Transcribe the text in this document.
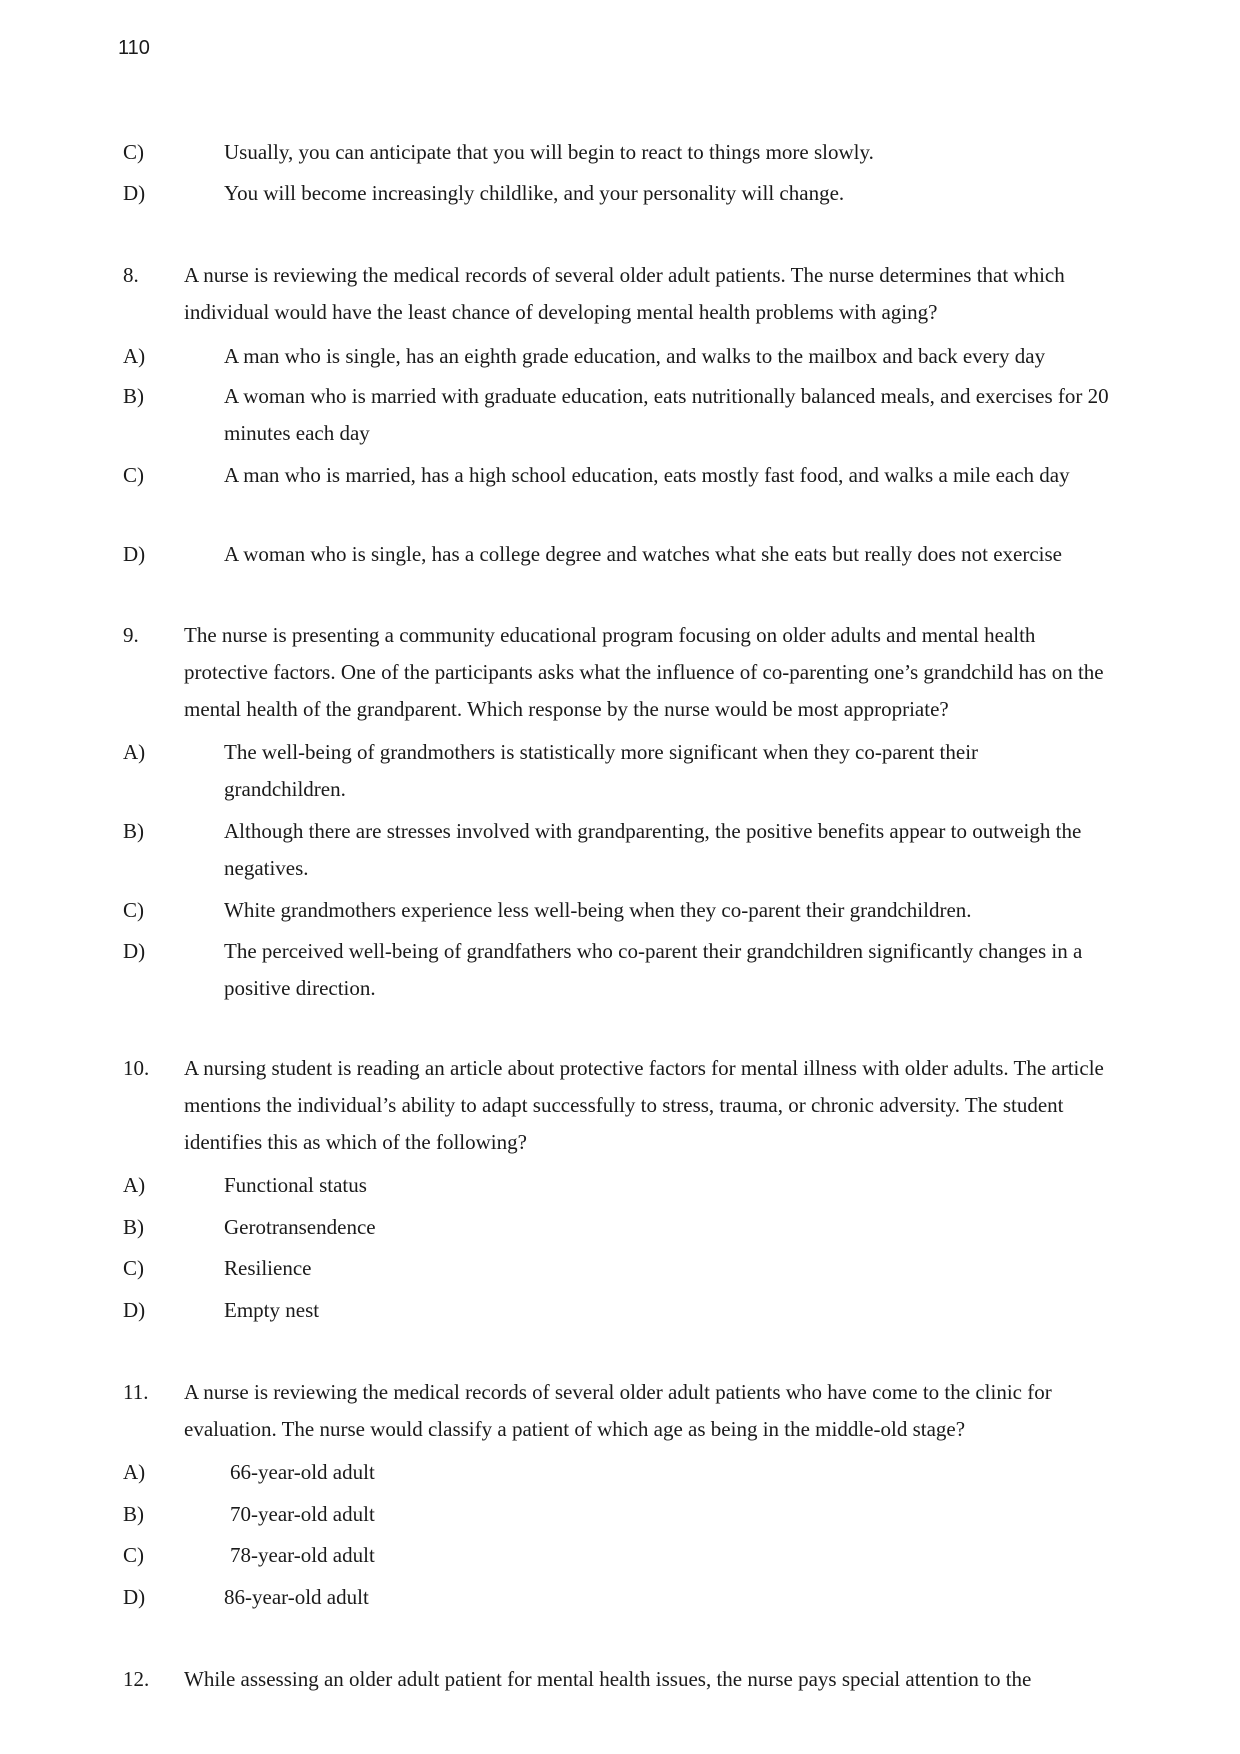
110
C)	Usually, you can anticipate that you will begin to react to things more slowly.
D)	You will become increasingly childlike, and your personality will change.
8. A nurse is reviewing the medical records of several older adult patients. The nurse determines that which individual would have the least chance of developing mental health problems with aging?
A)	A man who is single, has an eighth grade education, and walks to the mailbox and back every day
B)	A woman who is married with graduate education, eats nutritionally balanced meals, and exercises for 20 minutes each day
C)	A man who is married, has a high school education, eats mostly fast food, and walks a mile each day
D)	A woman who is single, has a college degree and watches what she eats but really does not exercise
9. The nurse is presenting a community educational program focusing on older adults and mental health protective factors. One of the participants asks what the influence of co-parenting one’s grandchild has on the mental health of the grandparent. Which response by the nurse would be most appropriate?
A)	The well-being of grandmothers is statistically more significant when they co-parent their grandchildren.
B)	Although there are stresses involved with grandparenting, the positive benefits appear to outweigh the negatives.
C)	White grandmothers experience less well-being when they co-parent their grandchildren.
D)	The perceived well-being of grandfathers who co-parent their grandchildren significantly changes in a positive direction.
10. A nursing student is reading an article about protective factors for mental illness with older adults. The article mentions the individual’s ability to adapt successfully to stress, trauma, or chronic adversity. The student identifies this as which of the following?
A)	Functional status
B)	Gerotransendence
C)	Resilience
D)	Empty nest
11. A nurse is reviewing the medical records of several older adult patients who have come to the clinic for evaluation. The nurse would classify a patient of which age as being in the middle-old stage?
A)	66-year-old adult
B)	70-year-old adult
C)	78-year-old adult
D)	86-year-old adult
12. While assessing an older adult patient for mental health issues, the nurse pays special attention to the
